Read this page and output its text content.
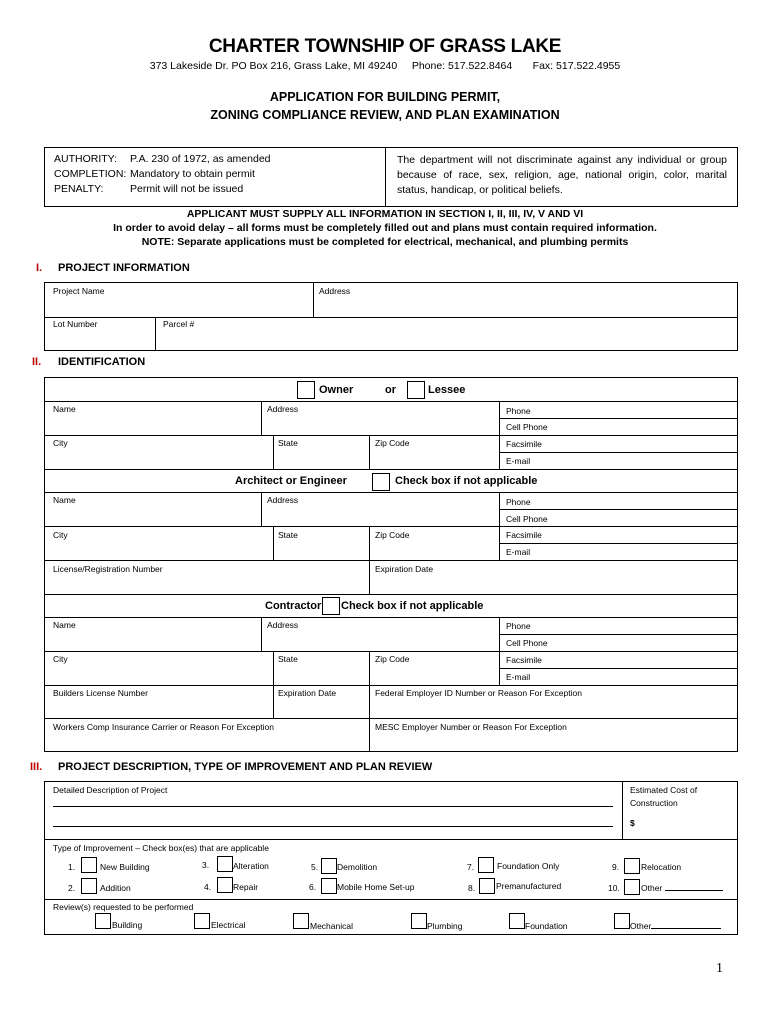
CHARTER TOWNSHIP OF GRASS LAKE
373 Lakeside Dr. PO Box 216, Grass Lake, MI 49240 Phone: 517.522.8464 Fax: 517.522.4955
APPLICATION FOR BUILDING PERMIT,
ZONING COMPLIANCE REVIEW, AND PLAN EXAMINATION
AUTHORITY: P.A. 230 of 1972, as amended
COMPLETION: Mandatory to obtain permit
PENALTY:	Permit will not be issued
The department will not discriminate against any individual or group because of race, sex, religion, age, national origin, color, marital status, handicap, or political beliefs.
APPLICANT MUST SUPPLY ALL INFORMATION IN SECTION I, II, III, IV, V AND VI
In order to avoid delay – all forms must be completely filled out and plans must contain required information.
NOTE: Separate applications must be completed for electrical, mechanical, and plumbing permits
I. PROJECT INFORMATION
Project Name	Address
Lot Number	Parcel #
II. IDENTIFICATION
Owner	or	Lessee
Name	Address	Phone
Cell Phone
City	State	Zip Code	Facsimile
E-mail
Architect or Engineer	Check box if not applicable
Name	Address	Phone
Cell Phone
City	State	Zip Code	Facsimile
E-mail
License/Registration Number	Expiration Date
Contractor Check box if not applicable
Name	Address	Phone
Cell Phone
City	State	Zip Code	Facsimile
E-mail
Builders License Number	Expiration Date	Federal Employer ID Number or Reason For Exception
Workers Comp Insurance Carrier or Reason For Exception	MESC Employer Number or Reason For Exception
III. PROJECT DESCRIPTION, TYPE OF IMPROVEMENT AND PLAN REVIEW
Detailed Description of Project	Estimated Cost of
Construction
$
Type of Improvement – Check box(es) that are applicable
1.	New Building	3.	Alteration	5. Demolition	7.	Foundation Only	9.	Relocation
2.	Addition	4.	Repair	6. Mobile Home Set-up	8. Premanufactured	10. Other
Review(s) requested to be performed
Building	Electrical	Mechanical	Plumbing	Foundation	Other
1
